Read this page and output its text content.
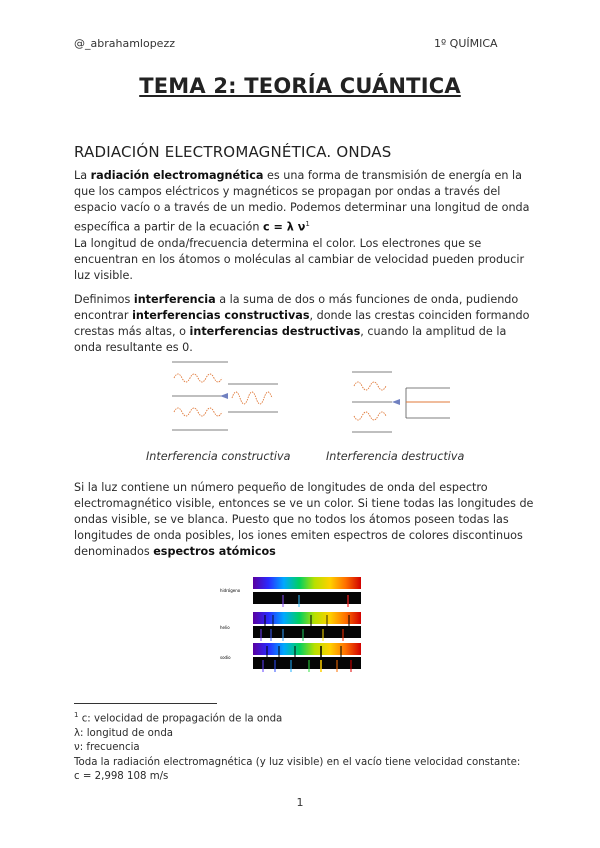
@_abrahamlopezz	1º QUÍMICA
TEMA 2: TEORÍA CUÁNTICA
RADIACIÓN ELECTROMAGNÉTICA. ONDAS
La radiación electromagnética es una forma de transmisión de energía en la que los campos eléctricos y magnéticos se propagan por ondas a través del espacio vacío o a través de un medio. Podemos determinar una longitud de onda específica a partir de la ecuación c = λ $\nu^1$
La longitud de onda/frecuencia determina el color. Los electrones que se encuentran en los átomos o moléculas al cambiar de velocidad pueden producir luz visible.
Definimos interferencia a la suma de dos o más funciones de onda, pudiendo encontrar interferencias constructivas, donde las crestas coinciden formando crestas más altas, o interferencias destructivas, cuando la amplitud de la onda resultante es 0.
Interferencia constructiva	Interferencia destructiva
Si la luz contiene un número pequeño de longitudes de onda del espectro electromagnético visible, entonces se ve un color. Si tiene todas las longitudes de ondas visible, se ve blanca. Puesto que no todos los átomos poseen todas las longitudes de onda posibles, los iones emiten espectros de colores discontinuos denominados espectros atómicos
hidrógeno
helio
sodio
$^1$ c: velocidad de propagación de la onda
λ: longitud de onda
ν: frecuencia
Toda la radiación electromagnética (y luz visible) en el vacío tiene velocidad constante:
c = 2,998 108 m/s
1
